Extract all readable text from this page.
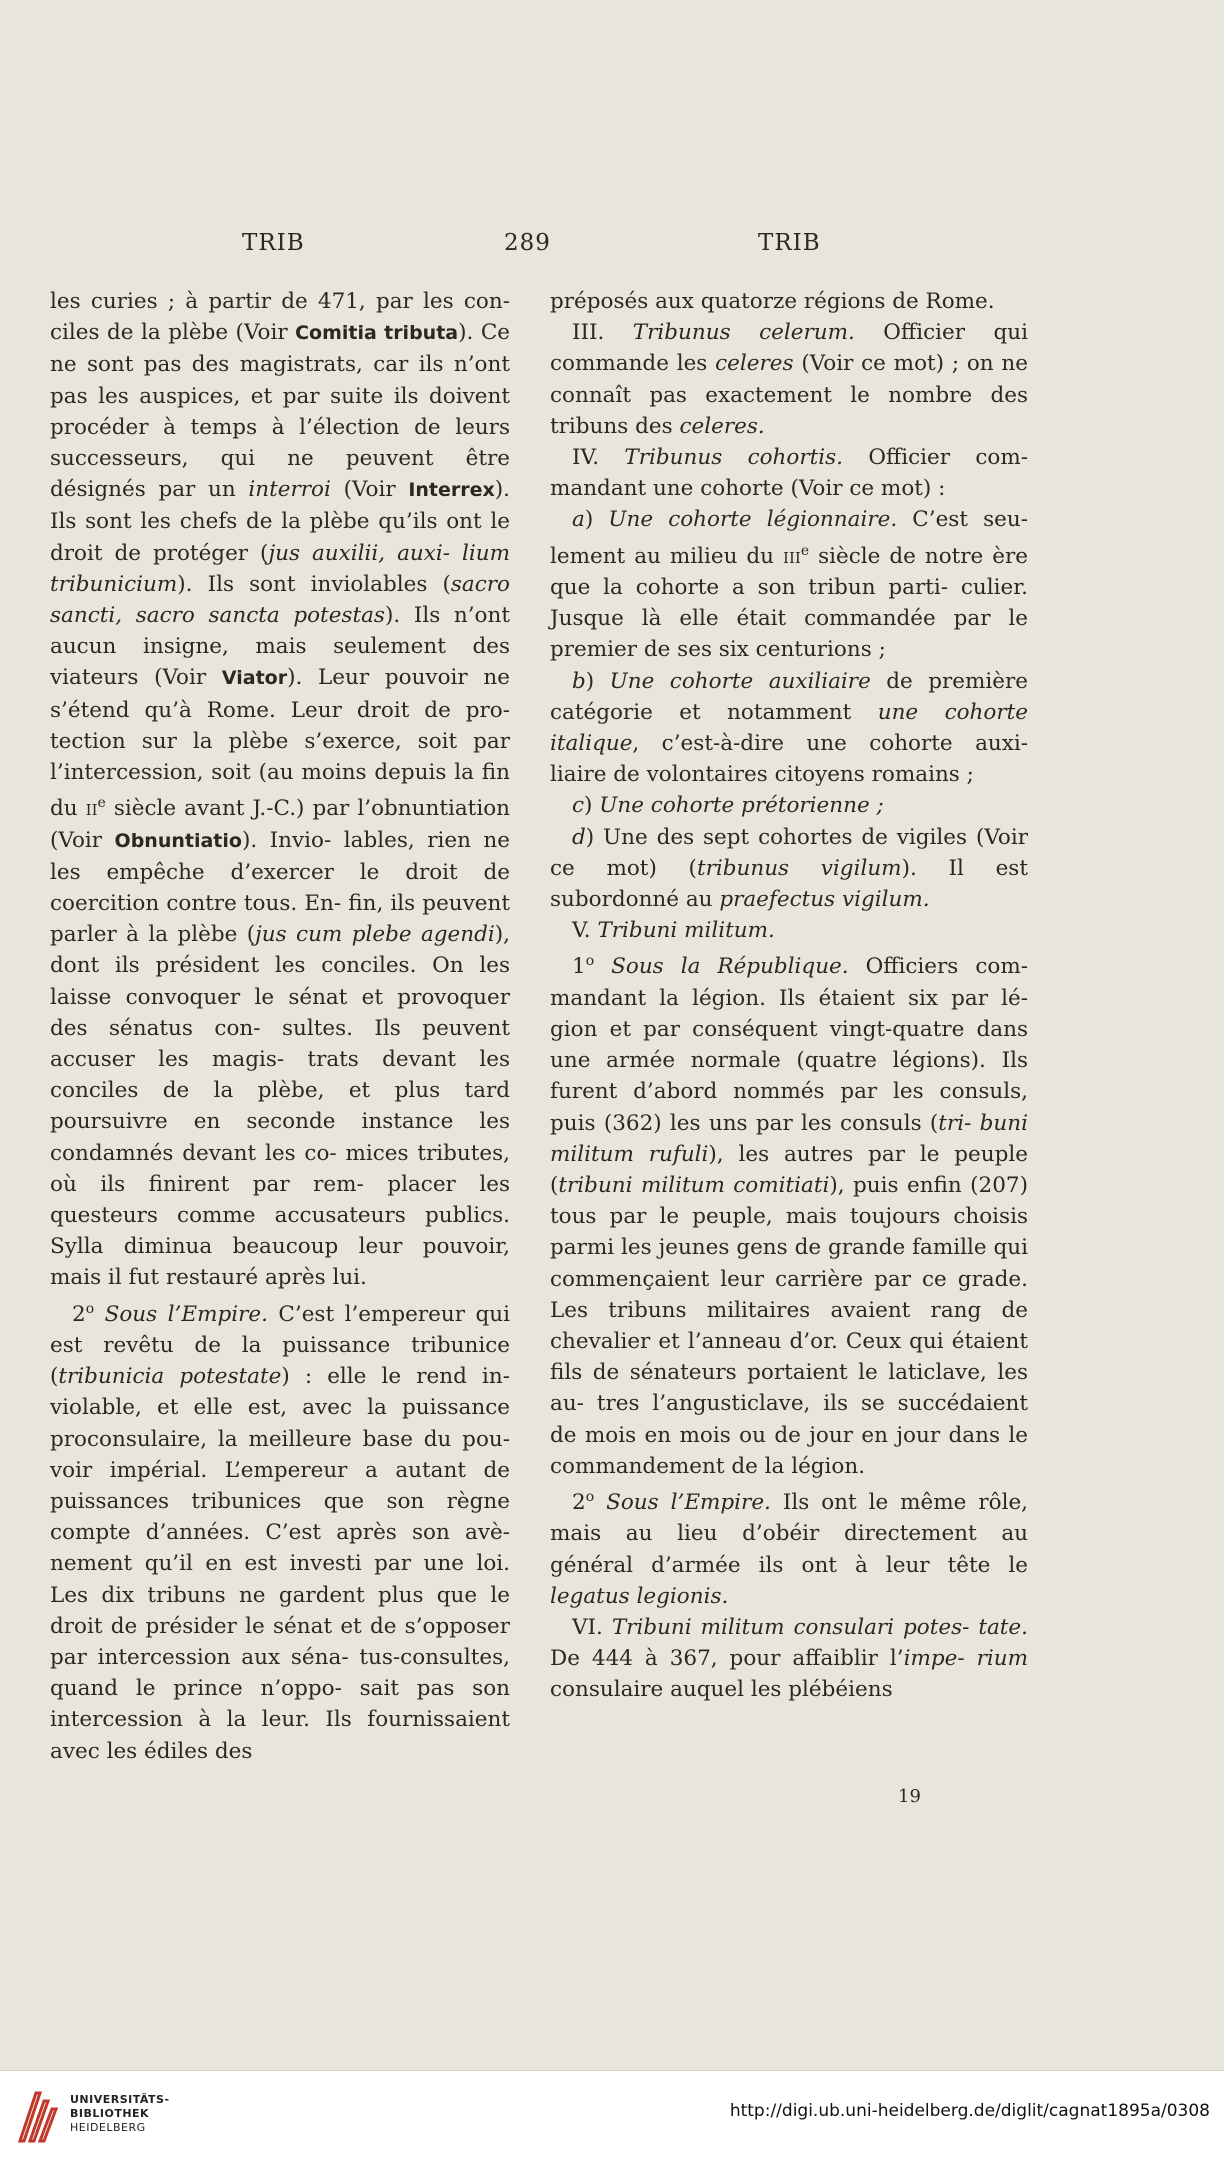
TRIB	289	TRIB

les curies ; à partir de 471, par les con- ciles de la plèbe (Voir Comitia tributa). Ce ne sont pas des magistrats, car ils n’ont pas les auspices, et par suite ils doivent procéder à temps à l’élection de leurs successeurs, qui ne peuvent être désignés par un interroi (Voir Interrex). Ils sont les chefs de la plèbe qu’ils ont le droit de protéger (jus auxilii, auxi- lium tribunicium). Ils sont inviolables (sacro sancti, sacro sancta potestas). Ils n’ont aucun insigne, mais seulement des viateurs (Voir Viator). Leur pouvoir ne s’étend qu’à Rome. Leur droit de pro- tection sur la plèbe s’exerce, soit par l’intercession, soit (au moins depuis la fin du $ii^e$ siècle avant J.-C.) par l’obnuntiation (Voir Obnuntiatio). Invio- lables, rien ne les empêche d’exercer le droit de coercition contre tous. En- fin, ils peuvent parler à la plèbe (jus cum plebe agendi), dont ils président les conciles. On les laisse convoquer le sénat et provoquer des sénatus con- sultes. Ils peuvent accuser les magis- trats devant les conciles de la plèbe, et plus tard poursuivre en seconde instance les condamnés devant les co- mices tributes, où ils finirent par rem- placer les questeurs comme accusateurs publics. Sylla diminua beaucoup leur pouvoir, mais il fut restauré après lui.

2$^o$ Sous l’Empire. C’est l’empereur qui est revêtu de la puissance tribunice (tribunicia potestate) : elle le rend in- violable, et elle est, avec la puissance proconsulaire, la meilleure base du pou- voir impérial. L’empereur a autant de puissances tribunices que son règne compte d’années. C’est après son avè- nement qu’il en est investi par une loi. Les dix tribuns ne gardent plus que le droit de présider le sénat et de s’opposer par intercession aux séna- tus-consultes, quand le prince n’oppo- sait pas son intercession à la leur. Ils fournissaient avec les édiles des

préposés aux quatorze régions de Rome.

III. Tribunus celerum. Officier qui commande les celeres (Voir ce mot) ; on ne connaît pas exactement le nombre des tribuns des celeres.

IV. Tribunus cohortis. Officier com- mandant une cohorte (Voir ce mot) :

a) Une cohorte légionnaire. C’est seu- lement au milieu du iii$^e$ siècle de notre ère que la cohorte a son tribun parti- culier. Jusque là elle était commandée par le premier de ses six centurions ;

b) Une cohorte auxiliaire de première catégorie et notamment une cohorte italique, c’est-à-dire une cohorte auxi- liaire de volontaires citoyens romains ;

c) Une cohorte prétorienne ;

d) Une des sept cohortes de vigiles (Voir ce mot) (tribunus vigilum). Il est subordonné au praefectus vigilum.

V. Tribuni militum.

1$^o$ Sous la République. Officiers com- mandant la légion. Ils étaient six par lé- gion et par conséquent vingt-quatre dans une armée normale (quatre légions). Ils furent d’abord nommés par les consuls, puis (362) les uns par les consuls (tri- buni militum rufuli), les autres par le peuple (tribuni militum comitiati), puis enfin (207) tous par le peuple, mais toujours choisis parmi les jeunes gens de grande famille qui commençaient leur carrière par ce grade. Les tribuns militaires avaient rang de chevalier et l’anneau d’or. Ceux qui étaient fils de sénateurs portaient le laticlave, les au- tres l’angusticlave, ils se succédaient de mois en mois ou de jour en jour dans le commandement de la légion.

2$^o$ Sous l’Empire. Ils ont le même rôle, mais au lieu d’obéir directement au général d’armée ils ont à leur tête le legatus legionis.

VI. Tribuni militum consulari potes- tate. De 444 à 367, pour affaiblir l’impe- rium consulaire auquel les plébéiens

19
UNIVERSITÄTS-
BIBLIOTHEK
HEIDELBERG
http://digi.ub.uni-heidelberg.de/diglit/cagnat1895a/0308
